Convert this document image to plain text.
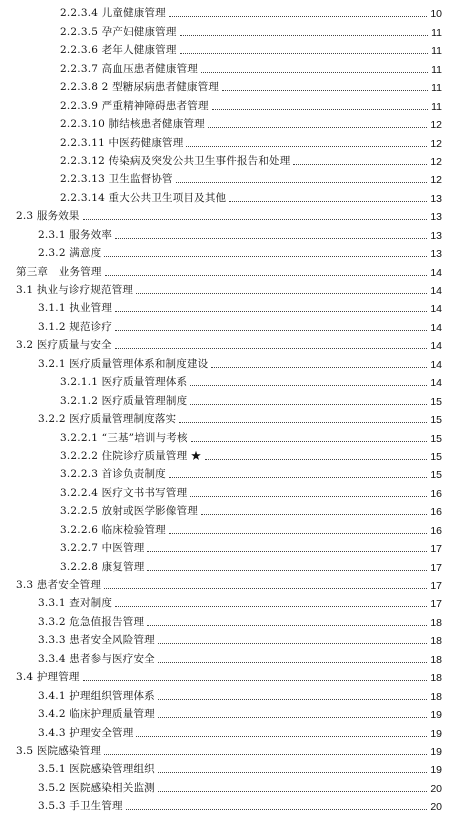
2.2.3.4 儿童健康管理	10
2.2.3.5 孕产妇健康管理	11
2.2.3.6 老年人健康管理	11
2.2.3.7 高血压患者健康管理	11
2.2.3.8 2 型糖尿病患者健康管理	11
2.2.3.9 严重精神障碍患者管理	11
2.2.3.10 肺结核患者健康管理	12
2.2.3.11 中医药健康管理	12
2.2.3.12 传染病及突发公共卫生事件报告和处理	12
2.2.3.13 卫生监督协管	12
2.2.3.14 重大公共卫生项目及其他	13
2.3 服务效果	13
2.3.1 服务效率	13
2.3.2 满意度	13
第三章　业务管理	14
3.1 执业与诊疗规范管理	14
3.1.1 执业管理	14
3.1.2 规范诊疗	14
3.2 医疗质量与安全	14
3.2.1 医疗质量管理体系和制度建设	14
3.2.1.1 医疗质量管理体系	14
3.2.1.2 医疗质量管理制度	15
3.2.2 医疗质量管理制度落实	15
3.2.2.1 “三基”培训与考核	15
3.2.2.2 住院诊疗质量管理 ★	15
3.2.2.3 首诊负责制度	15
3.2.2.4 医疗文书书写管理	16
3.2.2.5 放射或医学影像管理	16
3.2.2.6 临床检验管理	16
3.2.2.7 中医管理	17
3.2.2.8 康复管理	17
3.3 患者安全管理	17
3.3.1 查对制度	17
3.3.2 危急值报告管理	18
3.3.3 患者安全风险管理	18
3.3.4 患者参与医疗安全	18
3.4 护理管理	18
3.4.1 护理组织管理体系	18
3.4.2 临床护理质量管理	19
3.4.3 护理安全管理	19
3.5 医院感染管理	19
3.5.1 医院感染管理组织	19
3.5.2 医院感染相关监测	20
3.5.3 手卫生管理	20
